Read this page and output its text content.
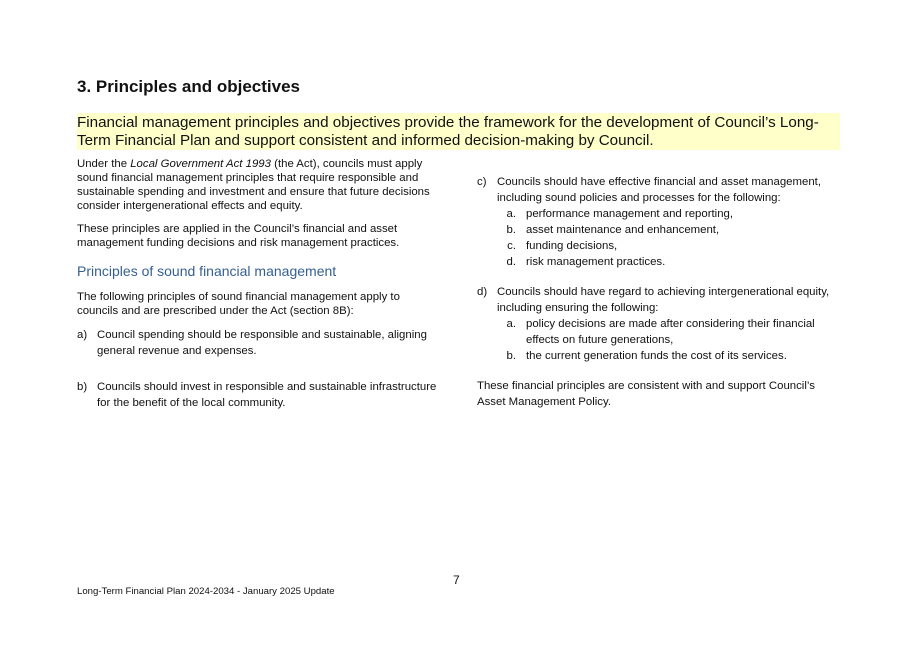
3. Principles and objectives

Financial management principles and objectives provide the framework for the development of Council’s Long-Term Financial Plan and support consistent and informed decision-making by Council.

Under the Local Government Act 1993 (the Act), councils must apply sound financial management principles that require responsible and sustainable spending and investment and ensure that future decisions consider intergenerational effects and equity.

These principles are applied in the Council’s financial and asset management funding decisions and risk management practices.

Principles of sound financial management

The following principles of sound financial management apply to councils and are prescribed under the Act (section 8B):

a) Council spending should be responsible and sustainable, aligning general revenue and expenses.
b) Councils should invest in responsible and sustainable infrastructure for the benefit of the local community.
c) Councils should have effective financial and asset management, including sound policies and processes for the following:
a. performance management and reporting,
b. asset maintenance and enhancement,
c. funding decisions,
d. risk management practices.
d) Councils should have regard to achieving intergenerational equity, including ensuring the following:
a. policy decisions are made after considering their financial effects on future generations,
b. the current generation funds the cost of its services.

These financial principles are consistent with and support Council’s Asset Management Policy.

7
Long-Term Financial Plan 2024-2034 - January 2025 Update
